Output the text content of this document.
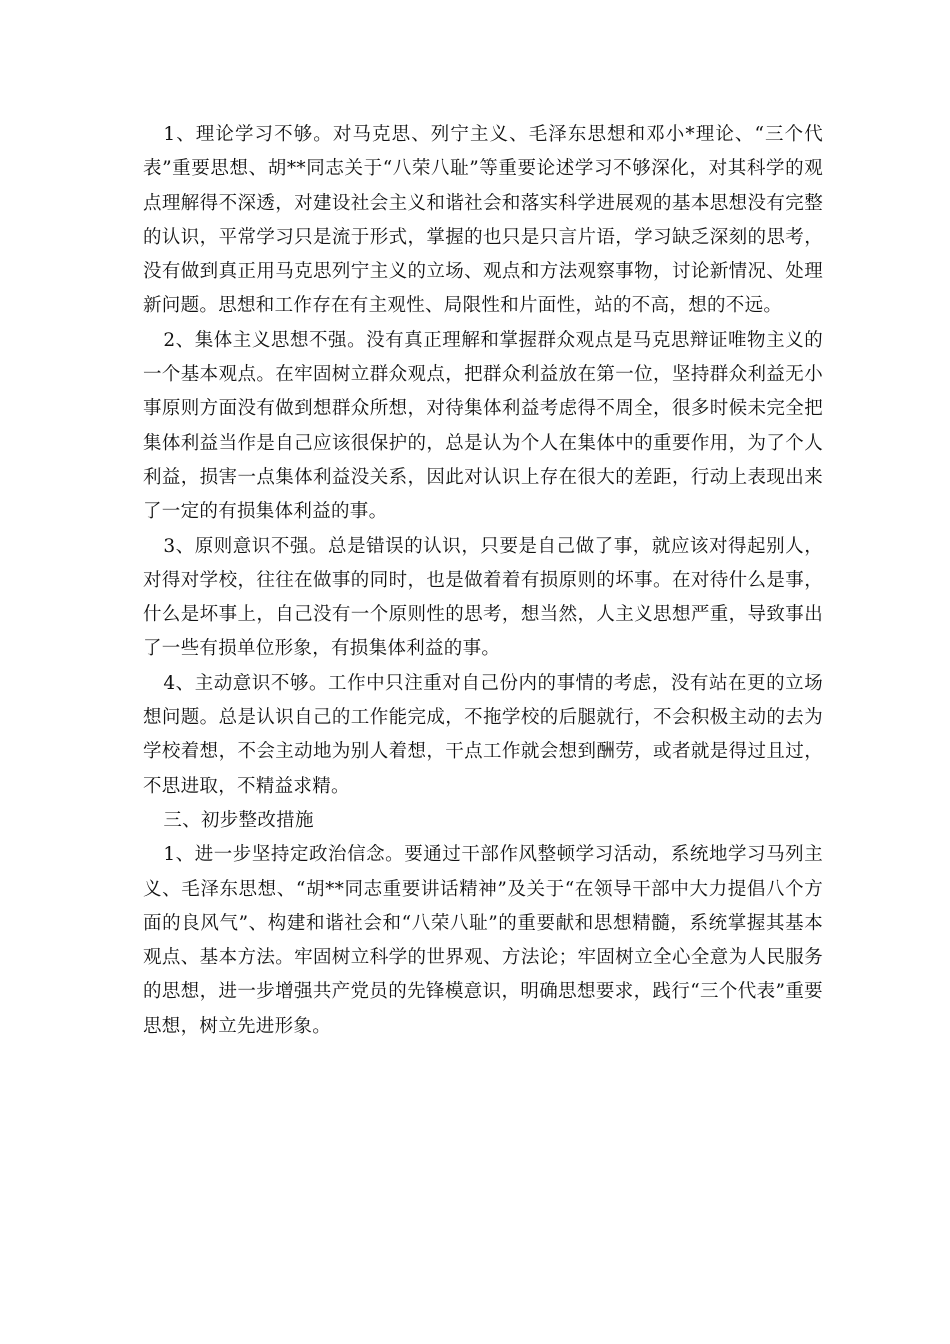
1、理论学习不够。对马克思、列宁主义、毛泽东思想和邓小*理论、“三个代表”重要思想、胡**同志关于“八荣八耻”等重要论述学习不够深化，对其科学的观点理解得不深透，对建设社会主义和谐社会和落实科学进展观的基本思想没有完整的认识，平常学习只是流于形式，掌握的也只是只言片语，学习缺乏深刻的思考，没有做到真正用马克思列宁主义的立场、观点和方法观察事物，讨论新情况、处理新问题。思想和工作存在有主观性、局限性和片面性，站的不高，想的不远。

2、集体主义思想不强。没有真正理解和掌握群众观点是马克思辩证唯物主义的一个基本观点。在牢固树立群众观点，把群众利益放在第一位，坚持群众利益无小事原则方面没有做到想群众所想，对待集体利益考虑得不周全，很多时候未完全把集体利益当作是自己应该很保护的，总是认为个人在集体中的重要作用，为了个人利益，损害一点集体利益没关系，因此对认识上存在很大的差距，行动上表现出来了一定的有损集体利益的事。

3、原则意识不强。总是错误的认识，只要是自己做了事，就应该对得起别人，对得对学校，往往在做事的同时，也是做着着有损原则的坏事。在对待什么是事，什么是坏事上，自己没有一个原则性的思考，想当然，人主义思想严重，导致事出了一些有损单位形象，有损集体利益的事。

4、主动意识不够。工作中只注重对自己份内的事情的考虑，没有站在更的立场想问题。总是认识自己的工作能完成，不拖学校的后腿就行，不会积极主动的去为学校着想，不会主动地为别人着想，干点工作就会想到酬劳，或者就是得过且过，不思进取，不精益求精。

三、初步整改措施

1、进一步坚持定政治信念。要通过干部作风整顿学习活动，系统地学习马列主义、毛泽东思想、“胡**同志重要讲话精神”及关于“在领导干部中大力提倡八个方面的良风气”、构建和谐社会和“八荣八耻”的重要献和思想精髓，系统掌握其基本观点、基本方法。牢固树立科学的世界观、方法论；牢固树立全心全意为人民服务的思想，进一步增强共产党员的先锋模意识，明确思想要求，践行“三个代表”重要思想，树立先进形象。
